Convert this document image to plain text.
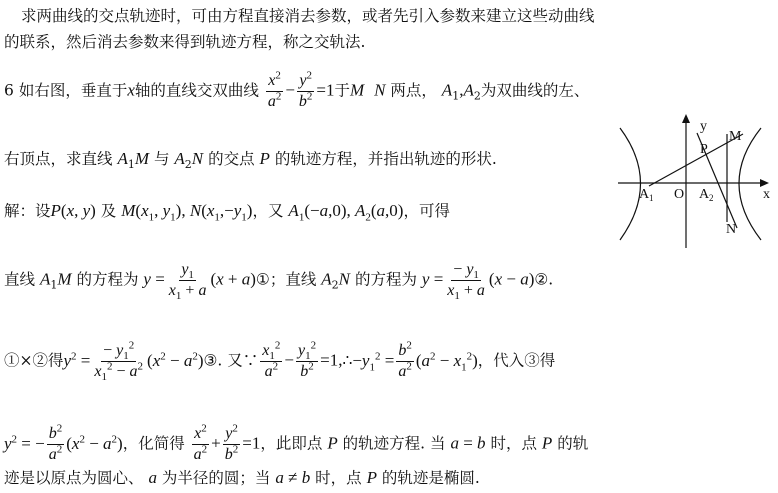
求两曲线的交点轨迹时，可由方程直接消去参数，或者先引入参数来建立这些动曲线
的联系，然后消去参数来得到轨迹方程，称之交轨法.
6 如右图，垂直于x轴的直线交双曲线 $\frac{x^2}{a^2} - \frac{y^2}{b^2} =1$于M N 两点， $A_1,A_2$为双曲线的左、
右顶点，求直线 $A_1M$ 与 $A_2N$ 的交点 P 的轨迹方程，并指出轨迹的形状.
解：设P(x, y) 及 $M(x_1$, $y_1$), $N(x_1,-y_1)$，又 $A_1(-a,0)$, $A_2(a,0)$，可得
直线 $A_1M$ 的方程为 $y = \frac{y_1}{x_1 + a} (x$ + a)①；直线 $A_2N$ 的方程为 $y = \frac{- y_1}{x_1 + a} (x$ − a)②.
①×②得$y^2 = \frac{- y_1^2}{x_1^2 - a^2} (x^2$ − $a^2)③$. 又∵ $\frac{x_1^2}{a^2} - \frac{y_1^2}{b^2}$ $=1,\therefore-y_1^2 = \frac{b^2}{a^2} (a^2 - x_1^2)$，代入③得
$y^2$ = − $\frac{b^2}{a^2} (x^2 - a^2)$，化简得 $\frac{x^2}{a^2} + \frac{y^2}{b^2} =1$，此即点 P 的轨迹方程. 当 a = b 时，点 P 的轨
迹是以原点为圆心、 a 为半径的圆；当 a ≠ b 时，点 P 的轨迹是椭圆.
y
x
M
P
A 1 O A 2
N
